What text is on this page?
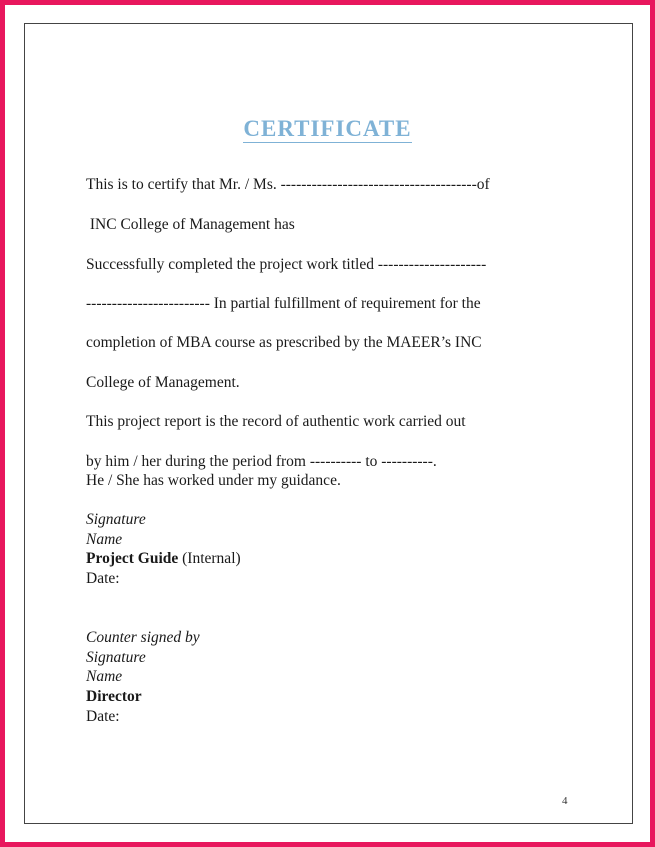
CERTIFICATE
This is to certify that Mr. / Ms. --------------------------------------of
INC College of Management has
Successfully completed the project work titled ---------------------
------------------------ In partial fulfillment of requirement for the
completion of MBA course as prescribed by the MAEER’s INC
College of Management.
This project report is the record of authentic work carried out
by him / her during the period from ---------- to ----------.
He / She has worked under my guidance.
Signature
Name
Project Guide (Internal)
Date:
Counter signed by
Signature
Name
Director
Date:
4
